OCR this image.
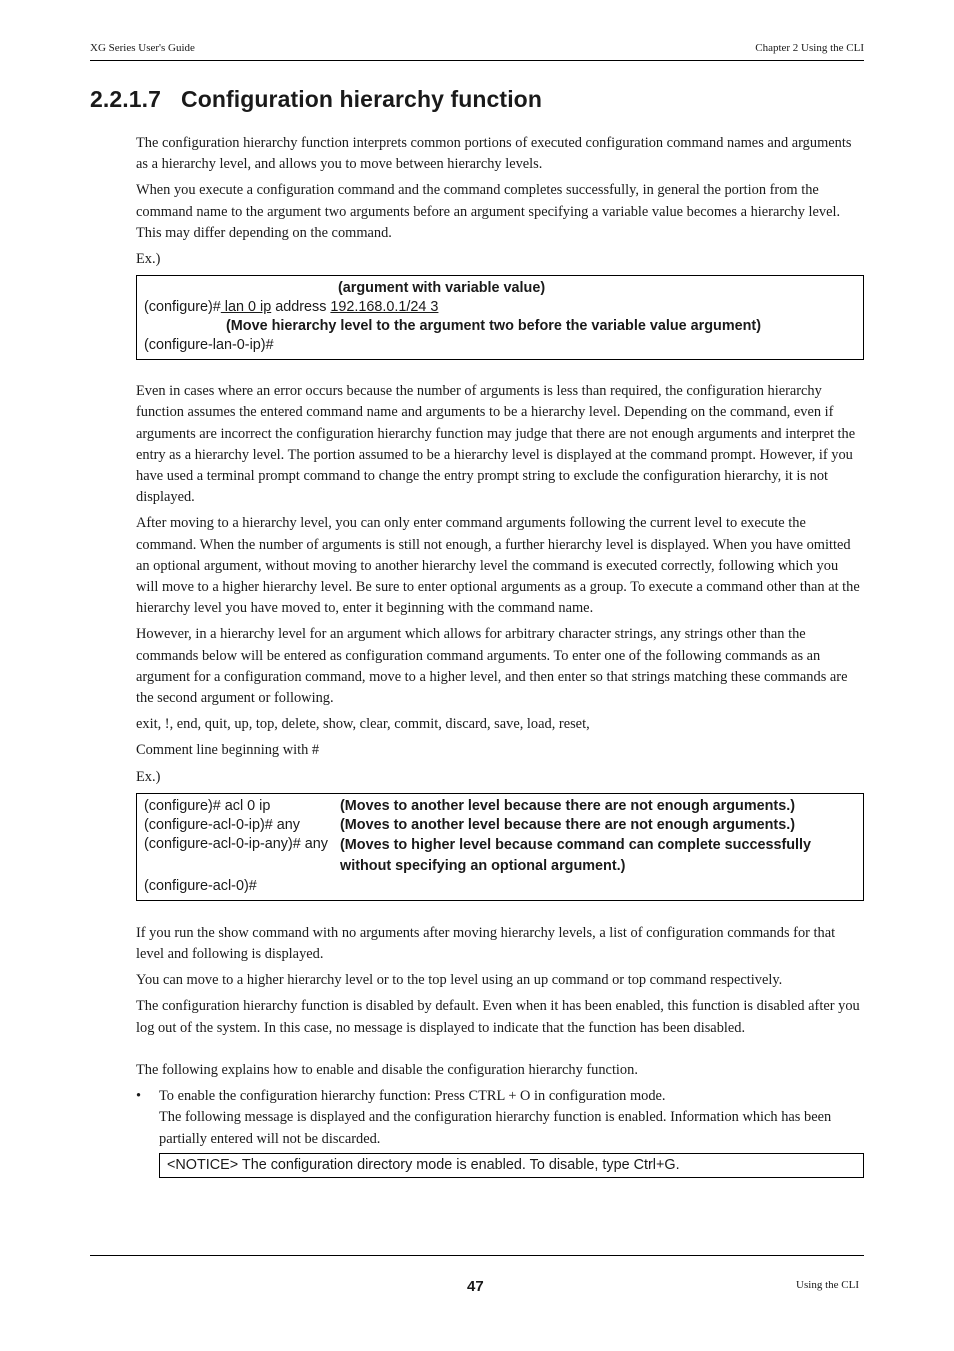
XG Series User's Guide	Chapter 2 Using the CLI
2.2.1.7 Configuration hierarchy function

The configuration hierarchy function interprets common portions of executed configuration command names and arguments as a hierarchy level, and allows you to move between hierarchy levels.

When you execute a configuration command and the command completes successfully, in general the portion from the command name to the argument two arguments before an argument specifying a variable value becomes a hierarchy level. This may differ depending on the command.

Ex.)

(argument with variable value)
(configure)# lan 0 ip address 192.168.0.1/24 3
(Move hierarchy level to the argument two before the variable value argument)
(configure-lan-0-ip)#

Even in cases where an error occurs because the number of arguments is less than required, the configuration hierarchy function assumes the entered command name and arguments to be a hierarchy level. Depending on the command, even if arguments are incorrect the configuration hierarchy function may judge that there are not enough arguments and interpret the entry as a hierarchy level. The portion assumed to be a hierarchy level is displayed at the command prompt. However, if you have used a terminal prompt command to change the entry prompt string to exclude the configuration hierarchy, it is not displayed.

After moving to a hierarchy level, you can only enter command arguments following the current level to execute the command. When the number of arguments is still not enough, a further hierarchy level is displayed. When you have omitted an optional argument, without moving to another hierarchy level the command is executed correctly, following which you will move to a higher hierarchy level. Be sure to enter optional arguments as a group. To execute a command other than at the hierarchy level you have moved to, enter it beginning with the command name.

However, in a hierarchy level for an argument which allows for arbitrary character strings, any strings other than the commands below will be entered as configuration command arguments. To enter one of the following commands as an argument for a configuration command, move to a higher level, and then enter so that strings matching these commands are the second argument or following.

exit, !, end, quit, up, top, delete, show, clear, commit, discard, save, load, reset,

Comment line beginning with #

Ex.)

(configure)# acl 0 ip	(Moves to another level because there are not enough arguments.)
(configure-acl-0-ip)# any	(Moves to another level because there are not enough arguments.)
(configure-acl-0-ip-any)# any (Moves to higher level because command can complete successfully without specifying an optional argument.)
(configure-acl-0)#

If you run the show command with no arguments after moving hierarchy levels, a list of configuration commands for that level and following is displayed.

You can move to a higher hierarchy level or to the top level using an up command or top command respectively.

The configuration hierarchy function is disabled by default. Even when it has been enabled, this function is disabled after you log out of the system. In this case, no message is displayed to indicate that the function has been disabled.

The following explains how to enable and disable the configuration hierarchy function.

• To enable the configuration hierarchy function: Press CTRL + O in configuration mode.

The following message is displayed and the configuration hierarchy function is enabled. Information which has been partially entered will not be discarded.

<NOTICE> The configuration directory mode is enabled. To disable, type Ctrl+G.
47	Using the CLI
